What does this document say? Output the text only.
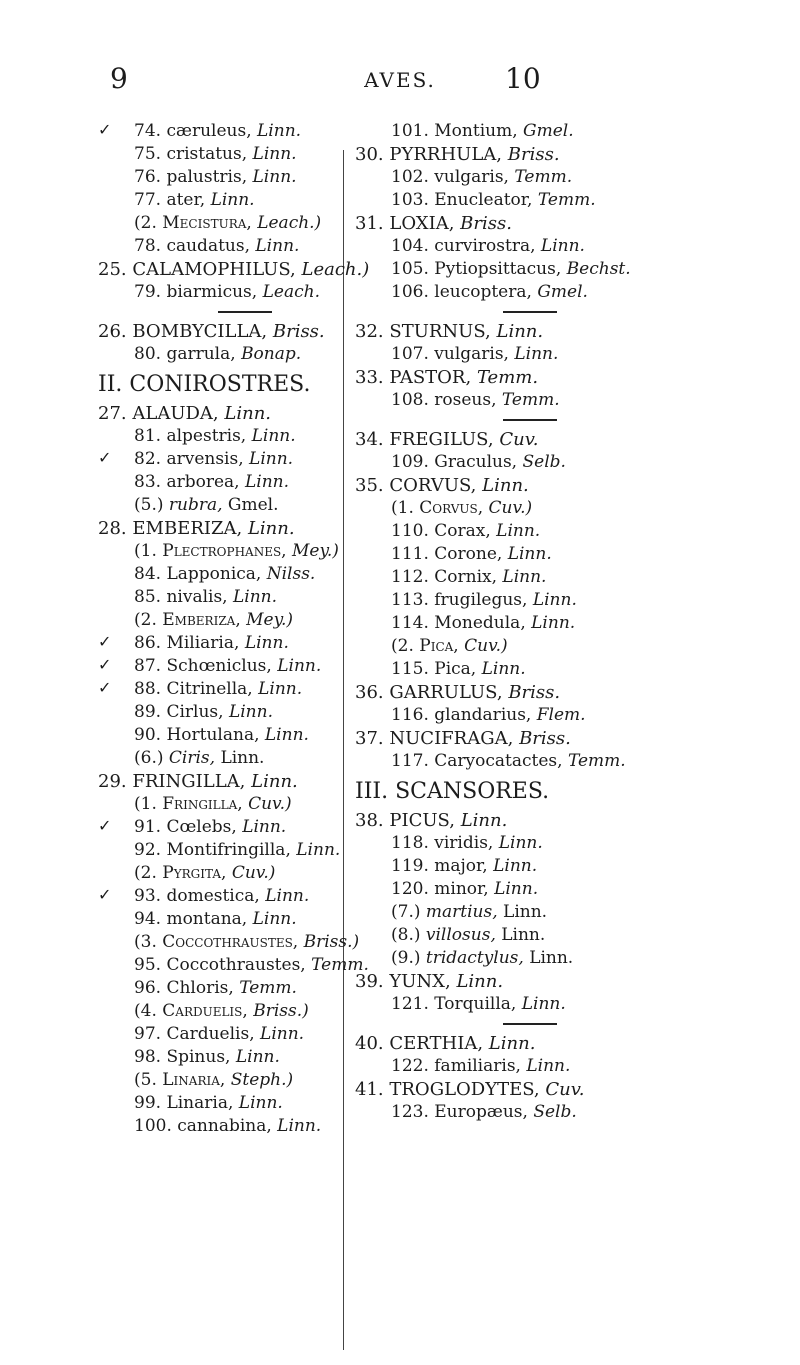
9	AVES.	10
✓ 74. cæruleus, Linn.
75. cristatus, Linn.
76. palustris, Linn.
77. ater, Linn.
(2. Mecistura, Leach.)
78. caudatus, Linn.
25. CALAMOPHILUS, Leach.)
79. biarmicus, Leach.
26. BOMBYCILLA, Briss.
80. garrula, Bonap.
II. CONIROSTRES.
27. ALAUDA, Linn.
81. alpestris, Linn.
✓ 82. arvensis, Linn.
83. arborea, Linn.
(5.) rubra, Gmel.
28. EMBERIZA, Linn.
(1. Plectrophanes, Mey.)
84. Lapponica, Nilss.
85. nivalis, Linn.
(2. Emberiza, Mey.)
✓ 86. Miliaria, Linn.
✓ 87. Schœniclus, Linn.
✓ 88. Citrinella, Linn.
89. Cirlus, Linn.
90. Hortulana, Linn.
(6.) Ciris, Linn.
29. FRINGILLA, Linn.
(1. Fringilla, Cuv.)
✓ 91. Cœlebs, Linn.
92. Montifringilla, Linn.
(2. Pyrgita, Cuv.)
✓ 93. domestica, Linn.
94. montana, Linn.
(3. Coccothraustes, Briss.)
95. Coccothraustes, Temm.
96. Chloris, Temm.
(4. Carduelis, Briss.)
97. Carduelis, Linn.
98. Spinus, Linn.
(5. Linaria, Steph.)
99. Linaria, Linn.
100. cannabina, Linn.
101. Montium, Gmel.
30. PYRRHULA, Briss.
102. vulgaris, Temm.
103. Enucleator, Temm.
31. LOXIA, Briss.
104. curvirostra, Linn.
105. Pytiopsittacus, Bechst.
106. leucoptera, Gmel.
32. STURNUS, Linn.
107. vulgaris, Linn.
33. PASTOR, Temm.
108. roseus, Temm.
34. FREGILUS, Cuv.
109. Graculus, Selb.
35. CORVUS, Linn.
(1. Corvus, Cuv.)
110. Corax, Linn.
111. Corone, Linn.
112. Cornix, Linn.
113. frugilegus, Linn.
114. Monedula, Linn.
(2. Pica, Cuv.)
115. Pica, Linn.
36. GARRULUS, Briss.
116. glandarius, Flem.
37. NUCIFRAGA, Briss.
117. Caryocatactes, Temm.
III. SCANSORES.
38. PICUS, Linn.
118. viridis, Linn.
119. major, Linn.
120. minor, Linn.
(7.) martius, Linn.
(8.) villosus, Linn.
(9.) tridactylus, Linn.
39. YUNX, Linn.
121. Torquilla, Linn.
40. CERTHIA, Linn.
122. familiaris, Linn.
41. TROGLODYTES, Cuv.
123. Europæus, Selb.
